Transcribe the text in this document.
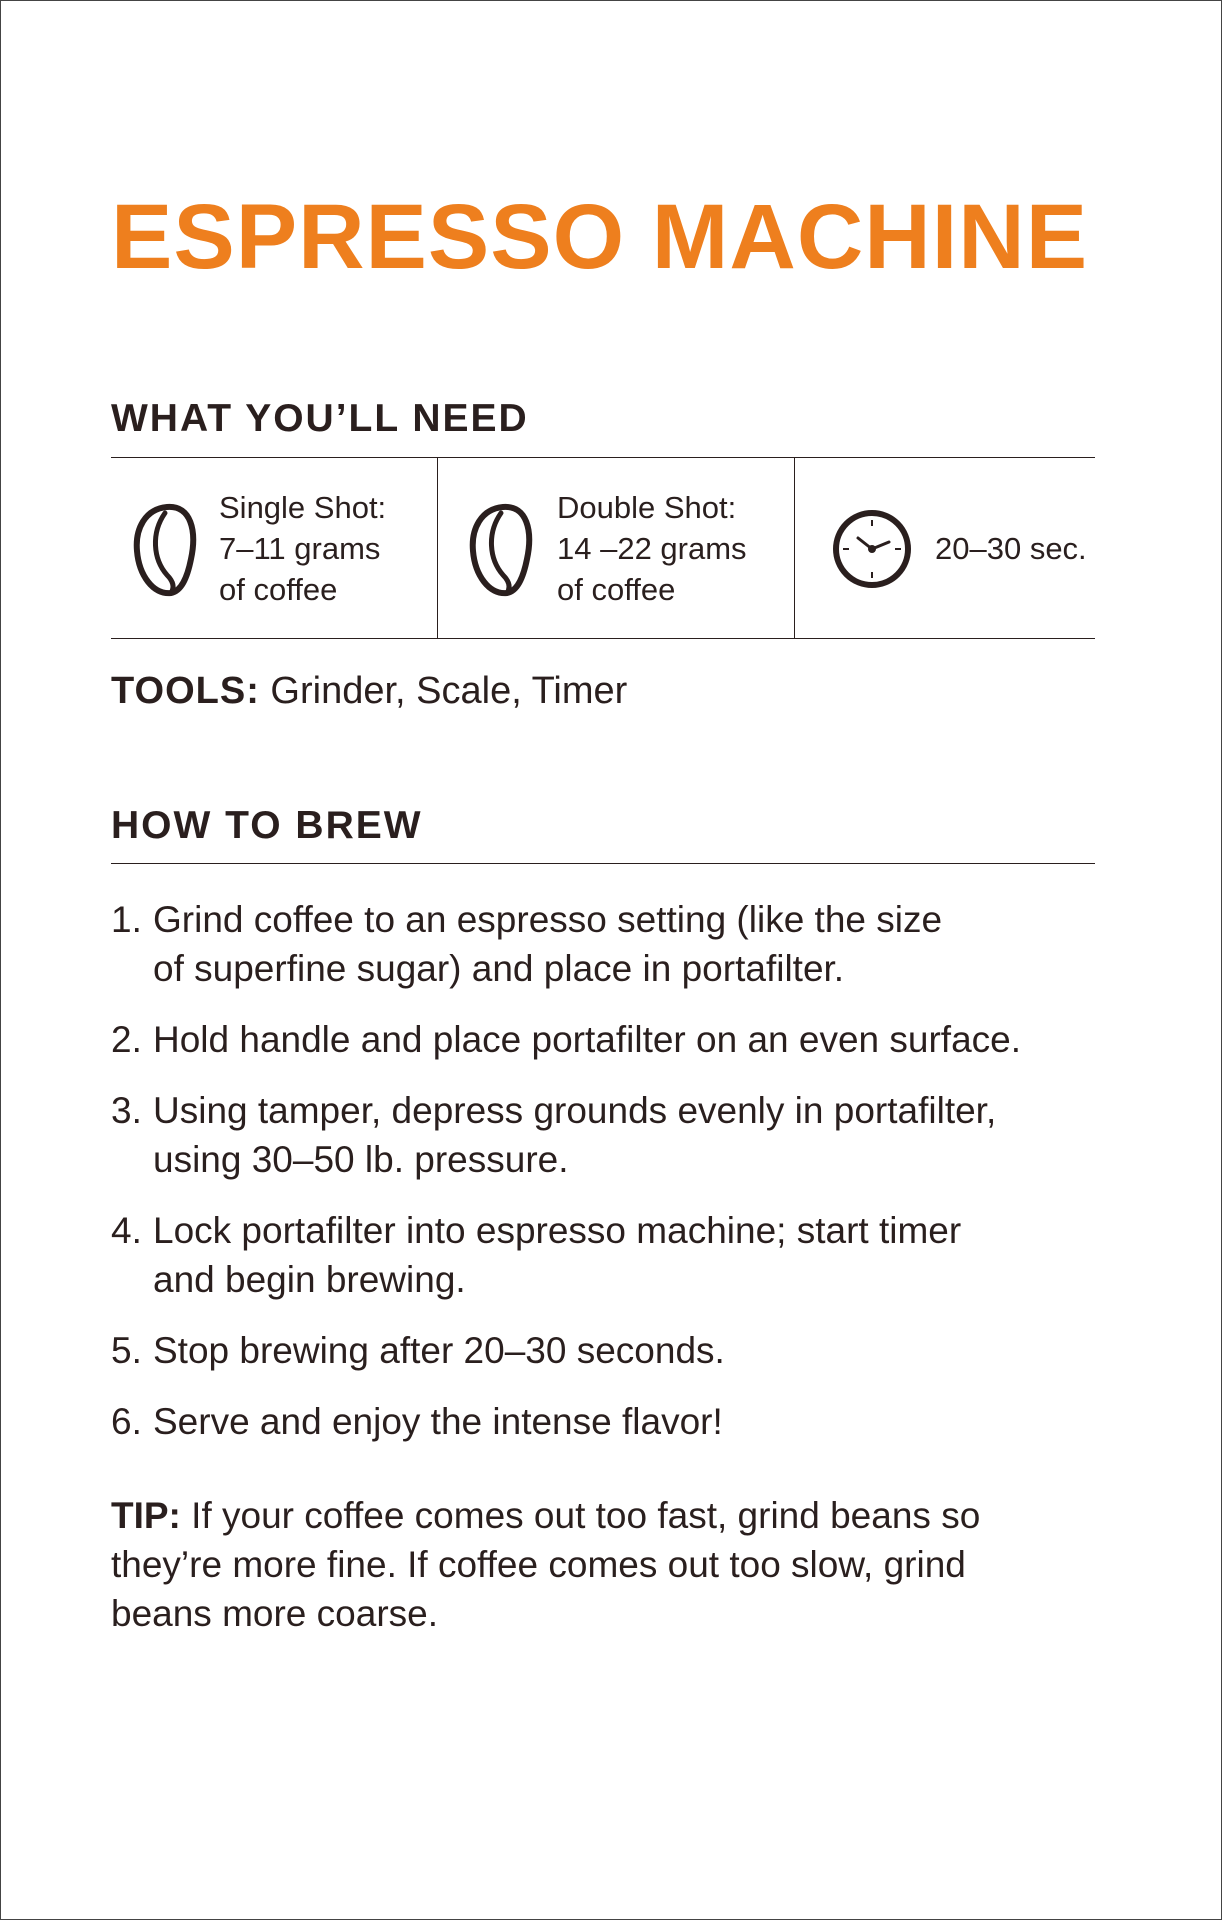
ESPRESSO MACHINE
WHAT YOU’LL NEED
Single Shot:
7–11 grams
of coffee
Double Shot:
14 –22 grams
of coffee
20–30 sec.
TOOLS: Grinder, Scale, Timer
HOW TO BREW
1. Grind coffee to an espresso setting (like the size
of superfine sugar) and place in portafilter.
2. Hold handle and place portafilter on an even surface.
3. Using tamper, depress grounds evenly in portafilter,
using 30–50 lb. pressure.
4. Lock portafilter into espresso machine; start timer
and begin brewing.
5. Stop brewing after 20–30 seconds.
6. Serve and enjoy the intense flavor!
TIP: If your coffee comes out too fast, grind beans so
they’re more fine. If coffee comes out too slow, grind
beans more coarse.
